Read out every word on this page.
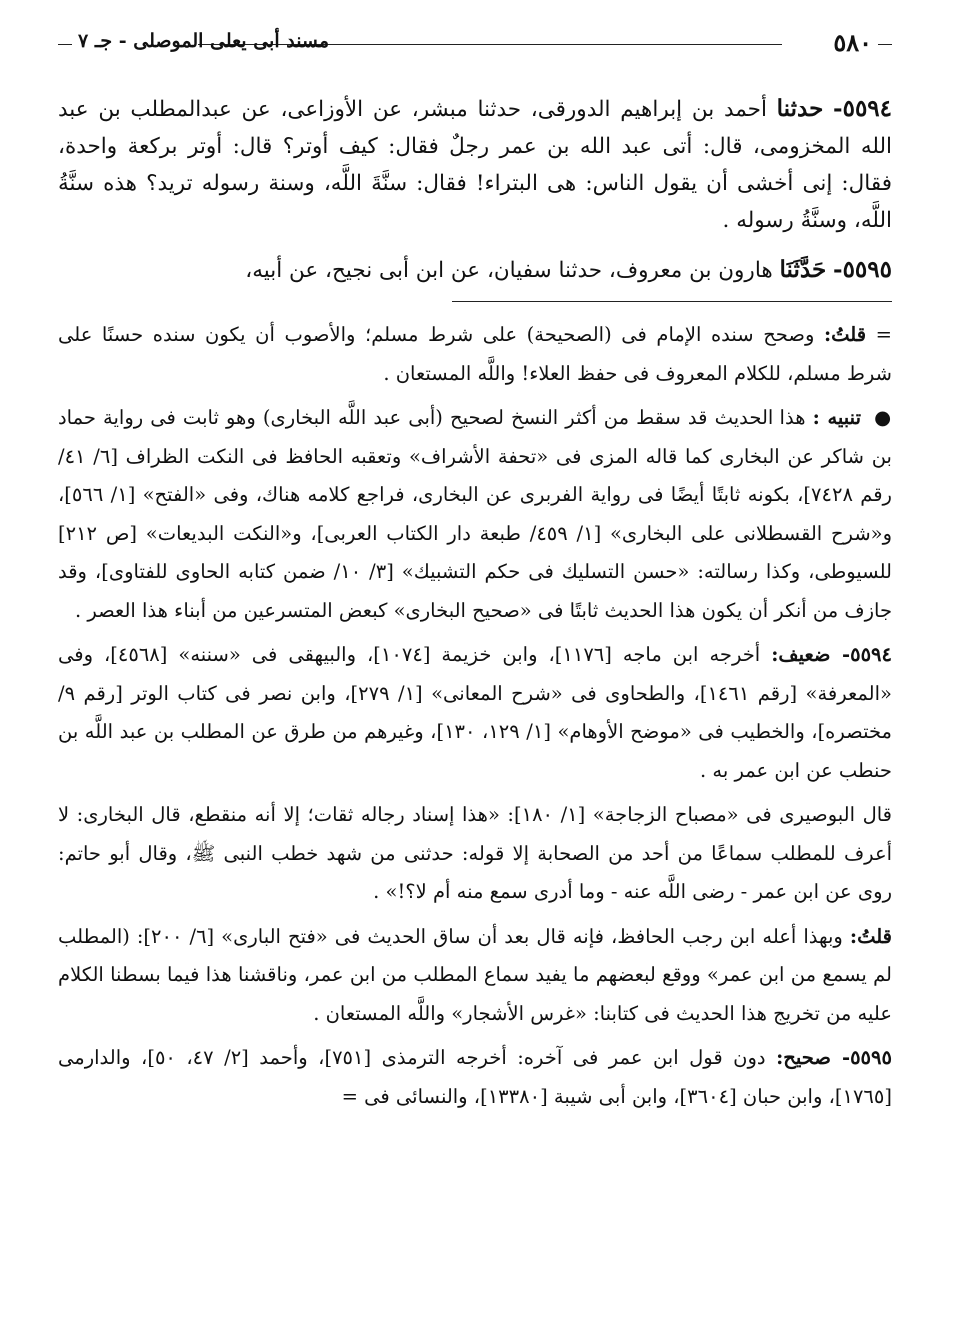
٥٨٠
مسند أبى يعلى الموصلى - جـ ٧

٥٥٩٤- حدثنا أحمد بن إبراهيم الدورقى، حدثنا مبشر، عن الأوزاعى، عن عبدالمطلب بن عبد الله المخزومى، قال: أتى عبد الله بن عمر رجلٌ فقال: كيف أوتر؟ قال: أوتر بركعة واحدة، فقال: إنى أخشى أن يقول الناس: هى البتراء! فقال: سنَّةَ اللَّه، وسنة رسوله تريد؟ هذه سنَّةُ اللَّه، وسنَّةُ رسوله .

٥٥٩٥- حَدَّثَنَا هارون بن معروف، حدثنا سفيان، عن ابن أبى نجيح، عن أبيه،

= قلتُ: وصحح سنده الإمام فى (الصحيحة) على شرط مسلم؛ والأصوب أن يكون سنده حسنًا على شرط مسلم، للكلام المعروف فى حفظ العلاء! واللَّه المستعان .

● تنبيه : هذا الحديث قد سقط من أكثر النسخ لصحيح (أبى عبد اللَّه البخارى) وهو ثابت فى رواية حماد بن شاكر عن البخارى كما قاله المزى فى «تحفة الأشراف» وتعقبه الحافظ فى النكت الظراف [٦/ ٤١/ رقم ٧٤٢٨]، بكونه ثابتًا أيضًا فى رواية الفربرى عن البخارى، فراجع كلامه هناك، وفى «الفتح» [١/ ٥٦٦]، و«شرح القسطلانى على البخارى» [١/ ٤٥٩/ طبعة دار الكتاب العربى]، و«النكت البديعات» [ص ٢١٢] للسيوطى، وكذا رسالته: «حسن التسليك فى حكم التشبيك» [٣/ ١٠/ ضمن كتابه الحاوى للفتاوى]، وقد جازف من أنكر أن يكون هذا الحديث ثابتًا فى «صحيح البخارى» كبعض المتسرعين من أبناء هذا العصر .

٥٥٩٤- ضعيف: أخرجه ابن ماجه [١١٧٦]، وابن خزيمة [١٠٧٤]، والبيهقى فى «سننه» [٤٥٦٨]، وفى «المعرفة» [رقم ١٤٦١]، والطحاوى فى «شرح المعانى» [١/ ٢٧٩]، وابن نصر فى كتاب الوتر [رقم ٩/ مختصره]، والخطيب فى «موضح الأوهام» [١/ ١٢٩، ١٣٠]، وغيرهم من طرق عن المطلب بن عبد اللَّه بن حنطب عن ابن عمر به .

قال البوصيرى فى «مصباح الزجاجة» [١/ ١٨٠]: «هذا إسناد رجاله ثقات؛ إلا أنه منقطع، قال البخارى: لا أعرف للمطلب سماعًا من أحد من الصحابة إلا قوله: حدثنى من شهد خطب النبى ﷺ، وقال أبو حاتم: روى عن ابن عمر - رضى اللَّه عنه - وما أدرى سمع منه أم لا؟!» .

قلتُ: وبهذا أعله ابن رجب الحافظ، فإنه قال بعد أن ساق الحديث فى «فتح البارى» [٦/ ٢٠٠]: (المطلب لم يسمع من ابن عمر» ووقع لبعضهم ما يفيد سماع المطلب من ابن عمر، وناقشنا هذا فيما بسطنا الكلام عليه من تخريج هذا الحديث فى كتابنا: «غرس الأشجار» واللَّه المستعان .

٥٥٩٥- صحيح: دون قول ابن عمر فى آخره: أخرجه الترمذى [٧٥١]، وأحمد [٢/ ٤٧، ٥٠]، والدارمى [١٧٦٥]، وابن حبان [٣٦٠٤]، وابن أبى شيبة [١٣٣٨٠]، والنسائى فى =
